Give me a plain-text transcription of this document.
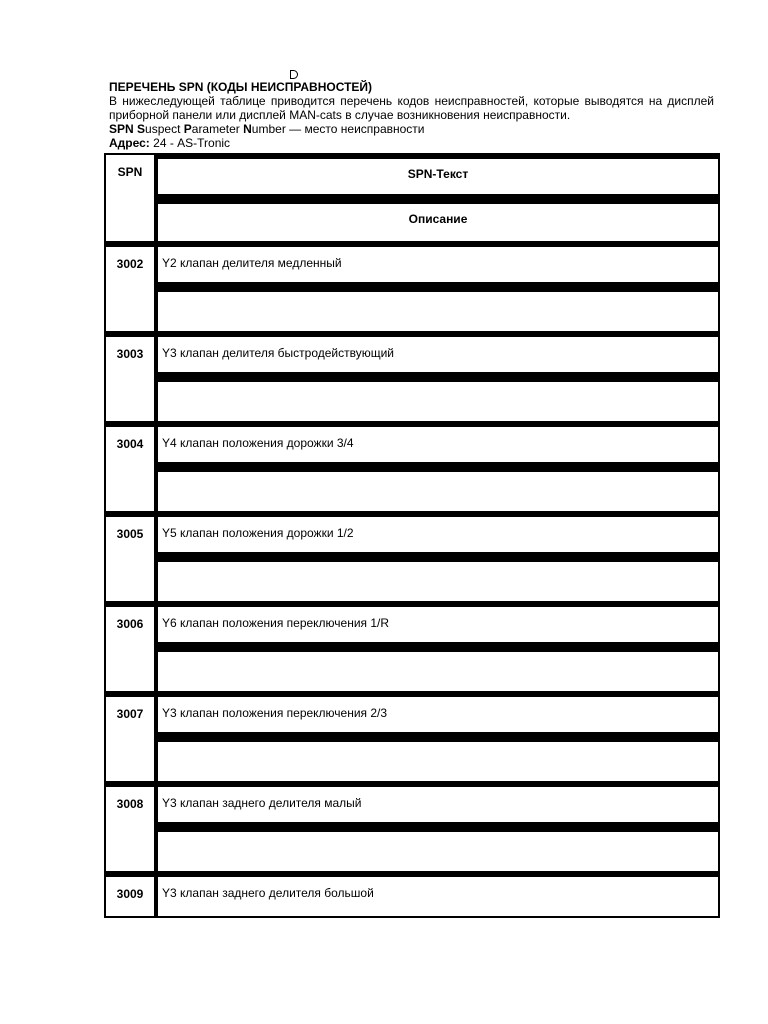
ПЕРЕЧЕНЬ SPN (КОДЫ НЕИСПРАВНОСТЕЙ)

В нижеследующей таблице приводится перечень кодов неисправностей, которые выводятся на дисплей приборной панели или дисплей MAN-cats в случае возникновения неисправности.

SPN Suspect Parameter Number — место неисправности

Адрес: 24 - AS-Tronic

SPN	SPN-Текст
Описание
3002	Y2 клапан делителя медленный
3003	Y3 клапан делителя быстродействующий
3004	Y4 клапан положения дорожки 3/4
3005	Y5 клапан положения дорожки 1/2
3006	Y6 клапан положения переключения 1/R
3007	Y3 клапан положения переключения 2/3
3008	Y3 клапан заднего делителя малый
3009	Y3 клапан заднего делителя большой
